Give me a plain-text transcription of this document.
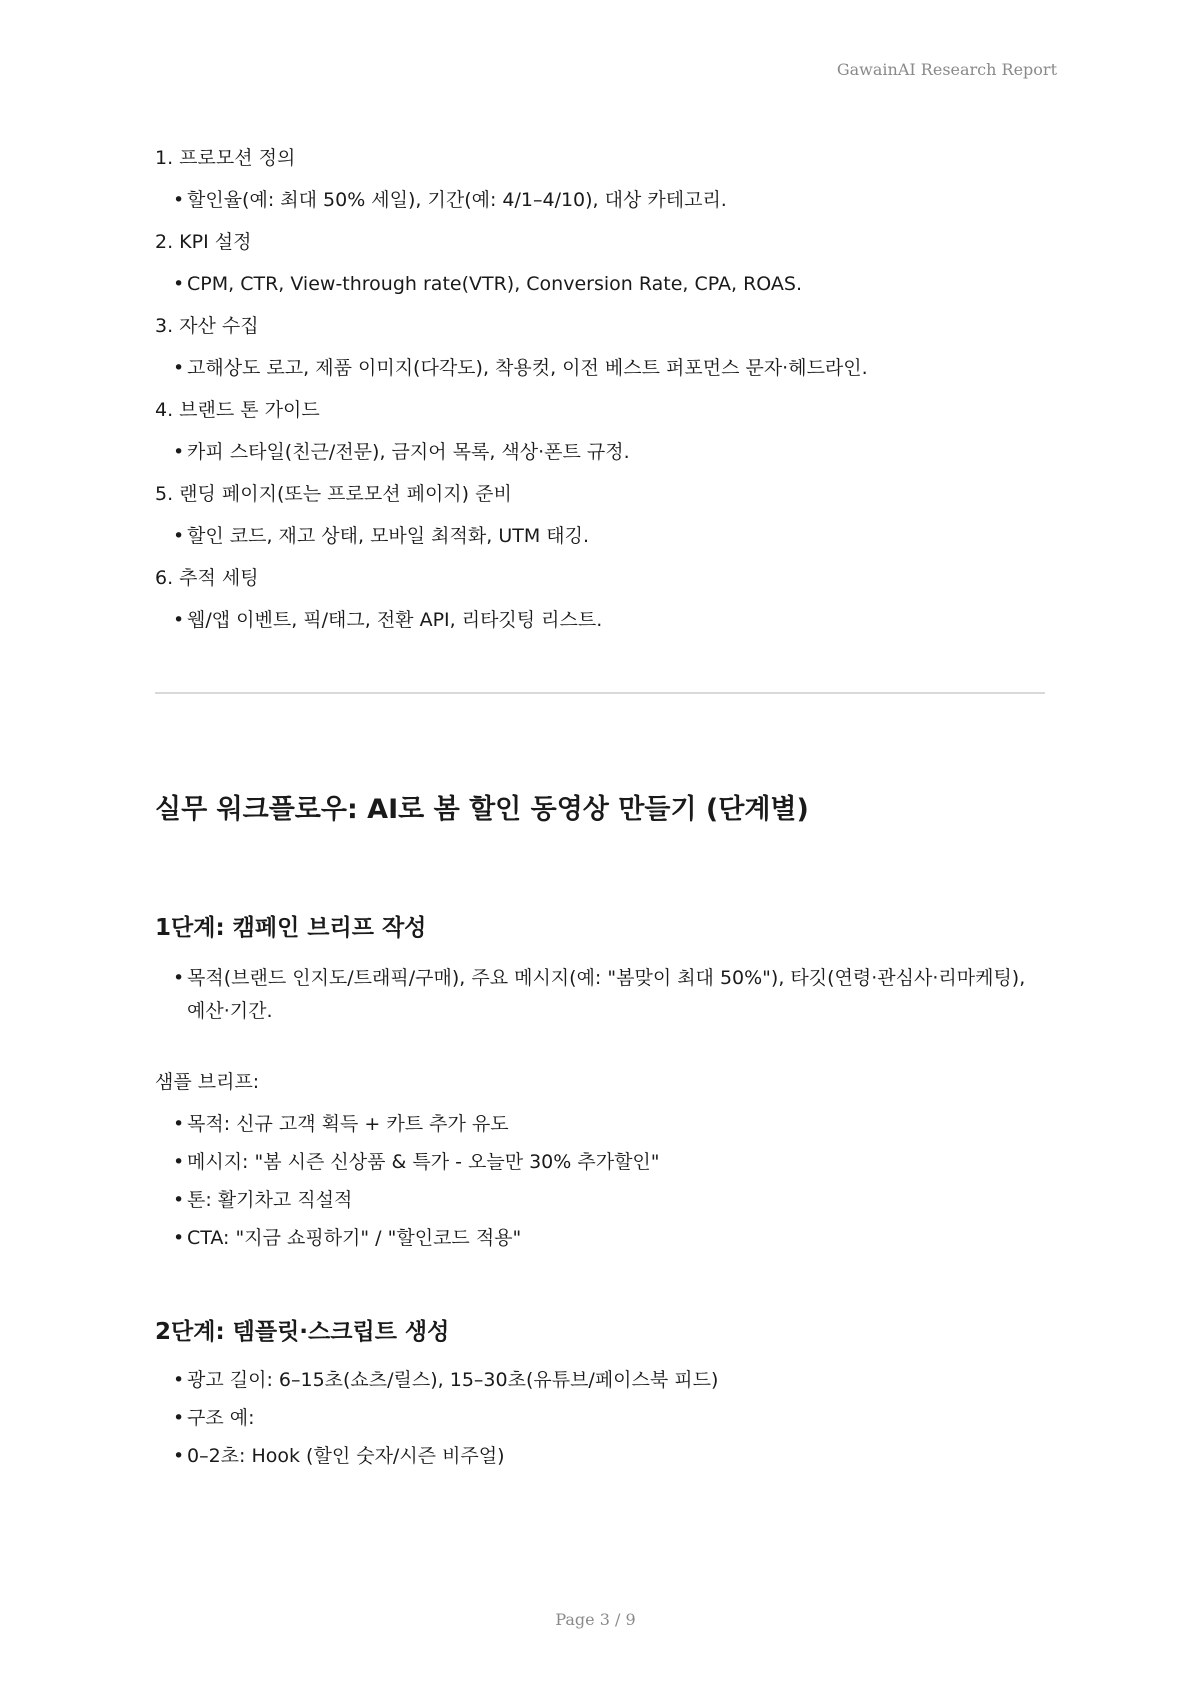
GawainAI Research Report
1. 프로모션 정의
• 할인율(예: 최대 50% 세일), 기간(예: 4/1–4/10), 대상 카테고리.
2. KPI 설정
• CPM, CTR, View-through rate(VTR), Conversion Rate, CPA, ROAS.
3. 자산 수집
• 고해상도 로고, 제품 이미지(다각도), 착용컷, 이전 베스트 퍼포먼스 문자·헤드라인.
4. 브랜드 톤 가이드
• 카피 스타일(친근/전문), 금지어 목록, 색상·폰트 규정.
5. 랜딩 페이지(또는 프로모션 페이지) 준비
• 할인 코드, 재고 상태, 모바일 최적화, UTM 태깅.
6. 추적 세팅
• 웹/앱 이벤트, 픽/태그, 전환 API, 리타깃팅 리스트.
실무 워크플로우: AI로 봄 할인 동영상 만들기 (단계별)
1단계: 캠페인 브리프 작성
• 목적(브랜드 인지도/트래픽/구매), 주요 메시지(예: "봄맞이 최대 50%"), 타깃(연령·관심사·리마케팅), 예산·기간.
샘플 브리프:
• 목적: 신규 고객 획득 + 카트 추가 유도
• 메시지: "봄 시즌 신상품 & 특가 - 오늘만 30% 추가할인"
• 톤: 활기차고 직설적
• CTA: "지금 쇼핑하기" / "할인코드 적용"
2단계: 템플릿·스크립트 생성
• 광고 길이: 6–15초(쇼츠/릴스), 15–30초(유튜브/페이스북 피드)
• 구조 예:
• 0–2초: Hook (할인 숫자/시즌 비주얼)
Page 3 / 9
